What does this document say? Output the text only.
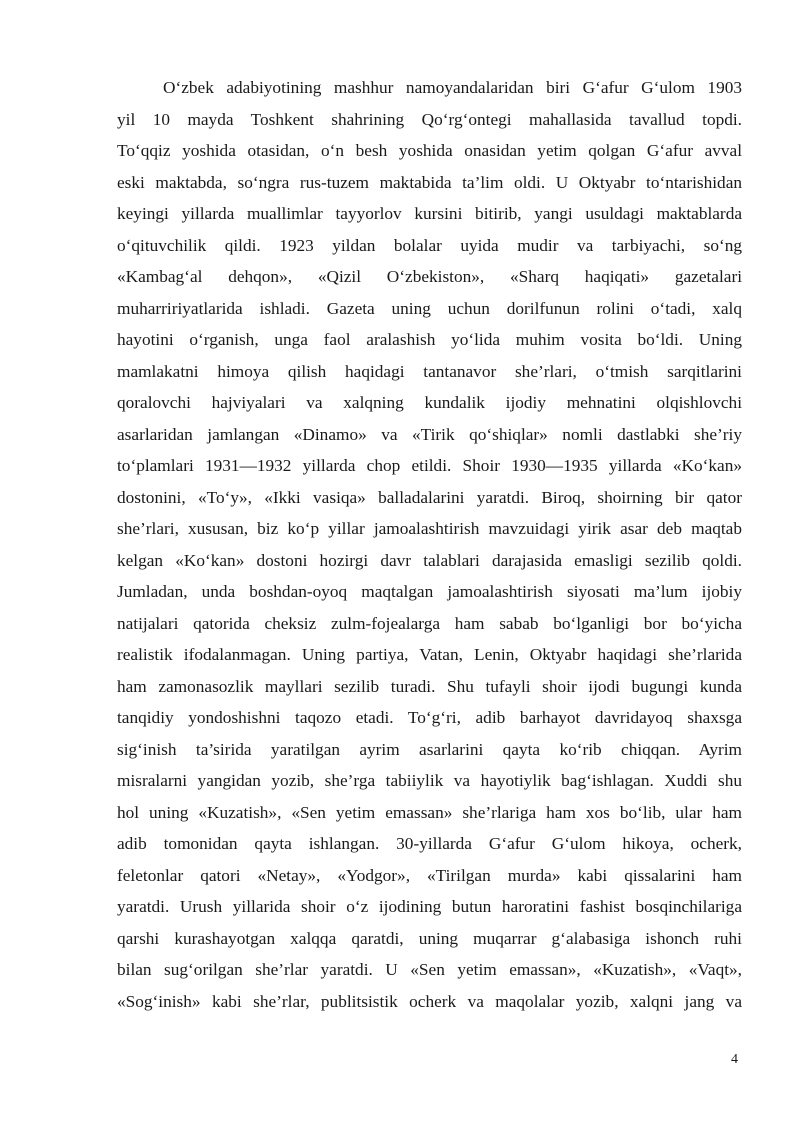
O‘zbek adabiyotining mashhur namoyandalaridan biri G‘afur G‘ulom 1903
yil 10 mayda Toshkent shahrining Qo‘rg‘ontegi mahallasida tavallud topdi.
To‘qqiz yoshida otasidan, o‘n besh yoshida onasidan yetim qolgan G‘afur avval
eski maktabda, so‘ngra rus-tuzem maktabida ta’lim oldi. U Oktyabr to‘ntarishidan
keyingi yillarda muallimlar tayyorlov kursini bitirib, yangi usuldagi maktablarda
o‘qituvchilik qildi. 1923 yildan bolalar uyida mudir va tarbiyachi, so‘ng
«Kambag‘al dehqon», «Qizil O‘zbekiston», «Sharq haqiqati» gazetalari
muharririyatlarida ishladi. Gazeta uning uchun dorilfunun rolini o‘tadi, xalq
hayotini o‘rganish, unga faol aralashish yo‘lida muhim vosita bo‘ldi. Uning
mamlakatni himoya qilish haqidagi tantanavor she’rlari, o‘tmish sarqitlarini
qoralovchi hajviyalari va xalqning kundalik ijodiy mehnatini olqishlovchi
asarlaridan jamlangan «Dinamo» va «Tirik qo‘shiqlar» nomli dastlabki she’riy
to‘plamlari 1931—1932 yillarda chop etildi. Shoir 1930—1935 yillarda «Ko‘kan»
dostonini, «To‘y», «Ikki vasiqa» balladalarini yaratdi. Biroq, shoirning bir qator
she’rlari, xususan, biz ko‘p yillar jamoalashtirish mavzuidagi yirik asar deb maqtab
kelgan «Ko‘kan» dostoni hozirgi davr talablari darajasida emasligi sezilib qoldi.
Jumladan, unda boshdan-oyoq maqtalgan jamoalashtirish siyosati ma’lum ijobiy
natijalari qatorida cheksiz zulm-fojealarga ham sabab bo‘lganligi bor bo‘yicha
realistik ifodalanmagan. Uning partiya, Vatan, Lenin, Oktyabr haqidagi she’rlarida
ham zamonasozlik mayllari sezilib turadi. Shu tufayli shoir ijodi bugungi kunda
tanqidiy yondoshishni taqozo etadi. To‘g‘ri, adib barhayot davridayoq shaxsga
sig‘inish ta’sirida yaratilgan ayrim asarlarini qayta ko‘rib chiqqan. Ayrim
misralarni yangidan yozib, she’rga tabiiylik va hayotiylik bag‘ishlagan. Xuddi shu
hol uning «Kuzatish», «Sen yetim emassan» she’rlariga ham xos bo‘lib, ular ham
adib tomonidan qayta ishlangan. 30-yillarda G‘afur G‘ulom hikoya, ocherk,
feletonlar qatori «Netay», «Yodgor», «Tirilgan murda» kabi qissalarini ham
yaratdi. Urush yillarida shoir o‘z ijodining butun haroratini fashist bosqinchilariga
qarshi kurashayotgan xalqqa qaratdi, uning muqarrar g‘alabasiga ishonch ruhi
bilan sug‘orilgan she’rlar yaratdi. U «Sen yetim emassan», «Kuzatish», «Vaqt»,
«Sog‘inish» kabi she’rlar, publitsistik ocherk va maqolalar yozib, xalqni jang va
4
